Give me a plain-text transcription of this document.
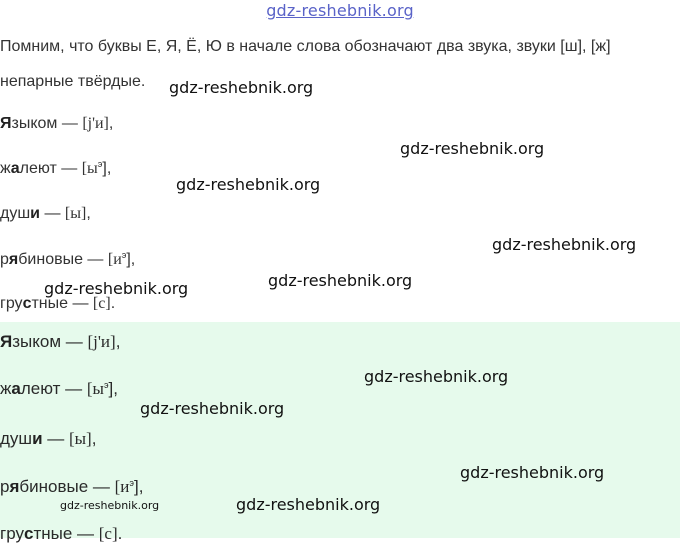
gdz-reshebnik.org

Помним, что буквы Е, Я, Ё, Ю в начале слова обозначают два звука, звуки [ш], [ж]

непарные твёрдые.

Языком — [j'и],
жалеют — $[ы^э]$,
души — [ы],
рябиновые — $[и^э]$,
грустные — [с].
Языком — [j'и],
жалеют — $[ы^э]$,
души — [ы],
рябиновые — $[и^э]$,
грустные — [с].
gdz-reshebnik.org
gdz-reshebnik.org
gdz-reshebnik.org
gdz-reshebnik.org
gdz-reshebnik.org
gdz-reshebnik.org
gdz-reshebnik.org
gdz-reshebnik.org
gdz-reshebnik.org
gdz-reshebnik.org	gdz-reshebnik.org
